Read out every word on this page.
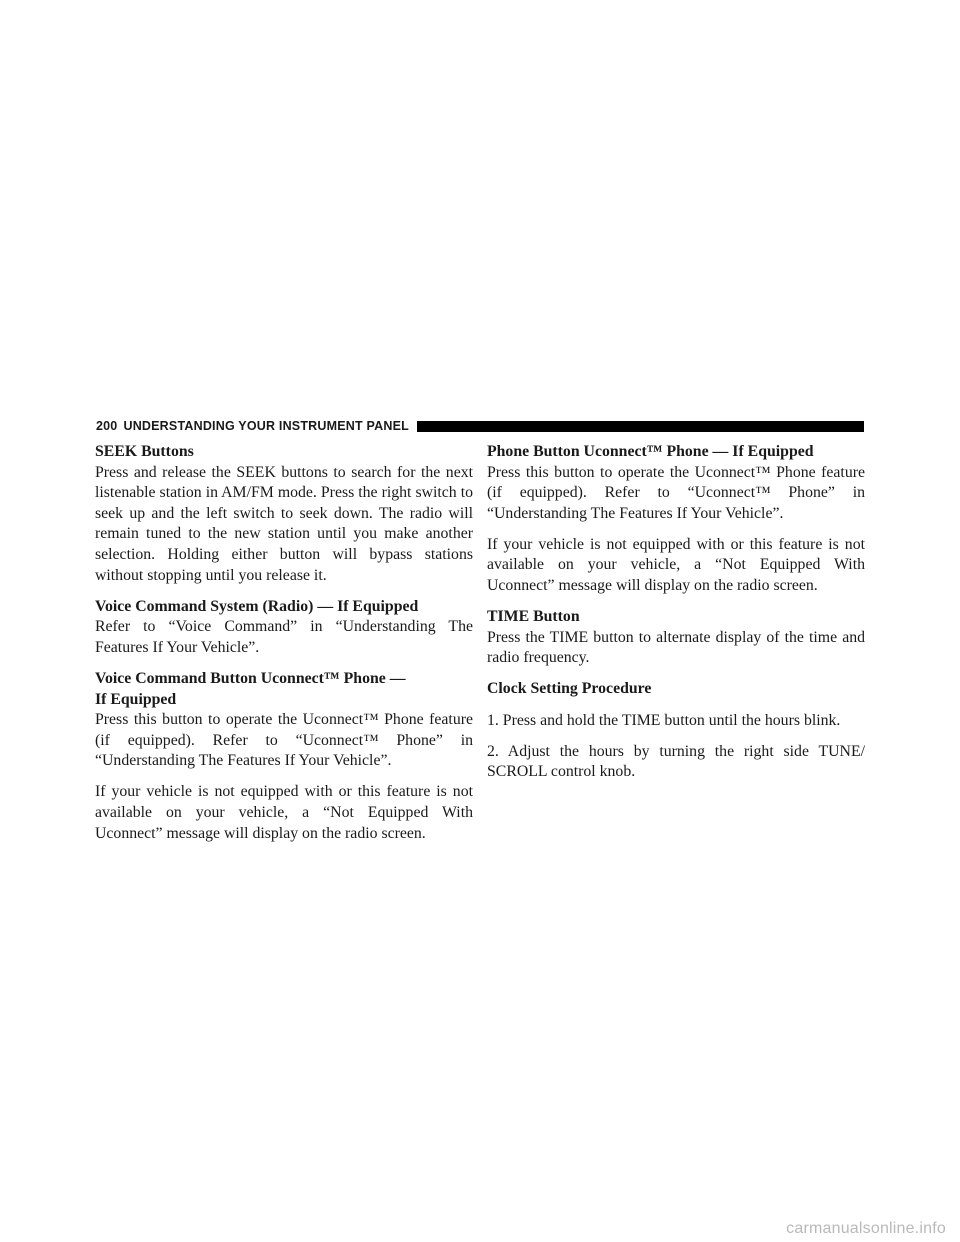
200 UNDERSTANDING YOUR INSTRUMENT PANEL
SEEK Buttons
Press and release the SEEK buttons to search for the next listenable station in AM/FM mode. Press the right switch to seek up and the left switch to seek down. The radio will remain tuned to the new station until you make another selection. Holding either button will bypass stations without stopping until you release it.
Voice Command System (Radio) — If Equipped
Refer to “Voice Command” in “Understanding The Features If Your Vehicle”.
Voice Command Button Uconnect™ Phone —
If Equipped
Press this button to operate the Uconnect™ Phone feature (if equipped). Refer to “Uconnect™ Phone” in “Understanding The Features If Your Vehicle”.
If your vehicle is not equipped with or this feature is not available on your vehicle, a “Not Equipped With Uconnect” message will display on the radio screen.
Phone Button Uconnect™ Phone — If Equipped
Press this button to operate the Uconnect™ Phone feature (if equipped). Refer to “Uconnect™ Phone” in “Understanding The Features If Your Vehicle”.
If your vehicle is not equipped with or this feature is not available on your vehicle, a “Not Equipped With Uconnect” message will display on the radio screen.
TIME Button
Press the TIME button to alternate display of the time and radio frequency.
Clock Setting Procedure
1. Press and hold the TIME button until the hours blink.
2. Adjust the hours by turning the right side TUNE/ SCROLL control knob.
carmanualsonline.info
